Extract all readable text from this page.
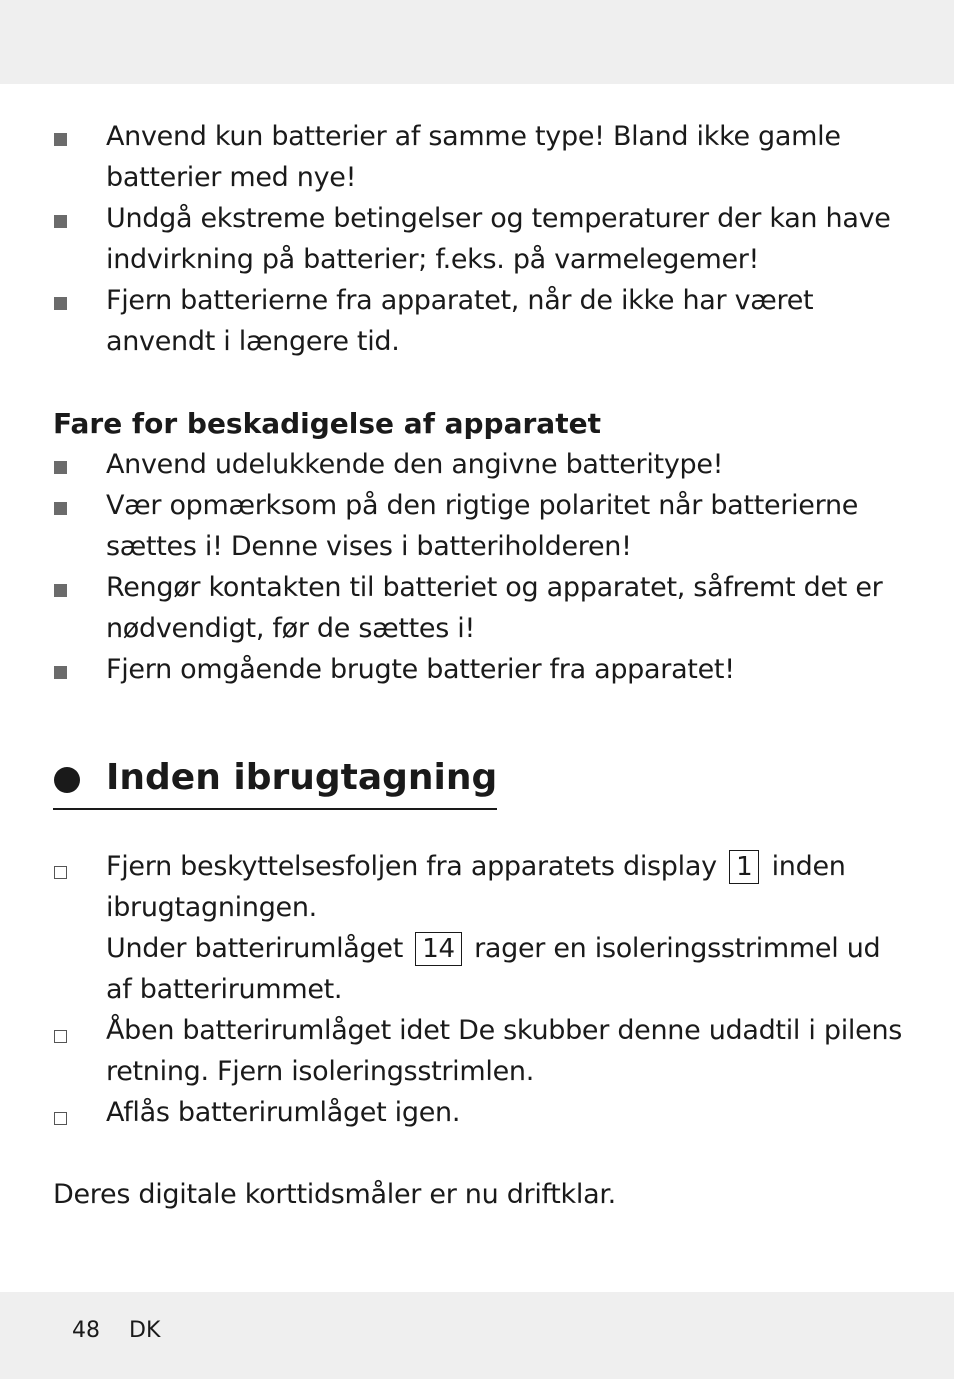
Anvend kun batterier af samme type! Bland ikke gamle batterier med nye!
Undgå ekstreme betingelser og temperaturer der kan have indvirkning på batterier; f.eks. på varmelegemer!
Fjern batterierne fra apparatet, når de ikke har været anvendt i længere tid.
Fare for beskadigelse af apparatet
Anvend udelukkende den angivne batteritype!
Vær opmærksom på den rigtige polaritet når batterierne sættes i! Denne vises i batteriholderen!
Rengør kontakten til batteriet og apparatet, såfremt det er nødvendigt, før de sættes i!
Fjern omgående brugte batterier fra apparatet!
Inden ibrugtagning
Fjern beskyttelsesfoljen fra apparatets display 1 inden ibrugtagningen.
Under batterirumlåget 14 rager en isoleringsstrimmel ud af batterirummet.
Åben batterirumlåget idet De skubber denne udadtil i pilens retning. Fjern isoleringsstrimlen.
Aflås batterirumlåget igen.

Deres digitale korttidsmåler er nu driftklar.

48 DK
